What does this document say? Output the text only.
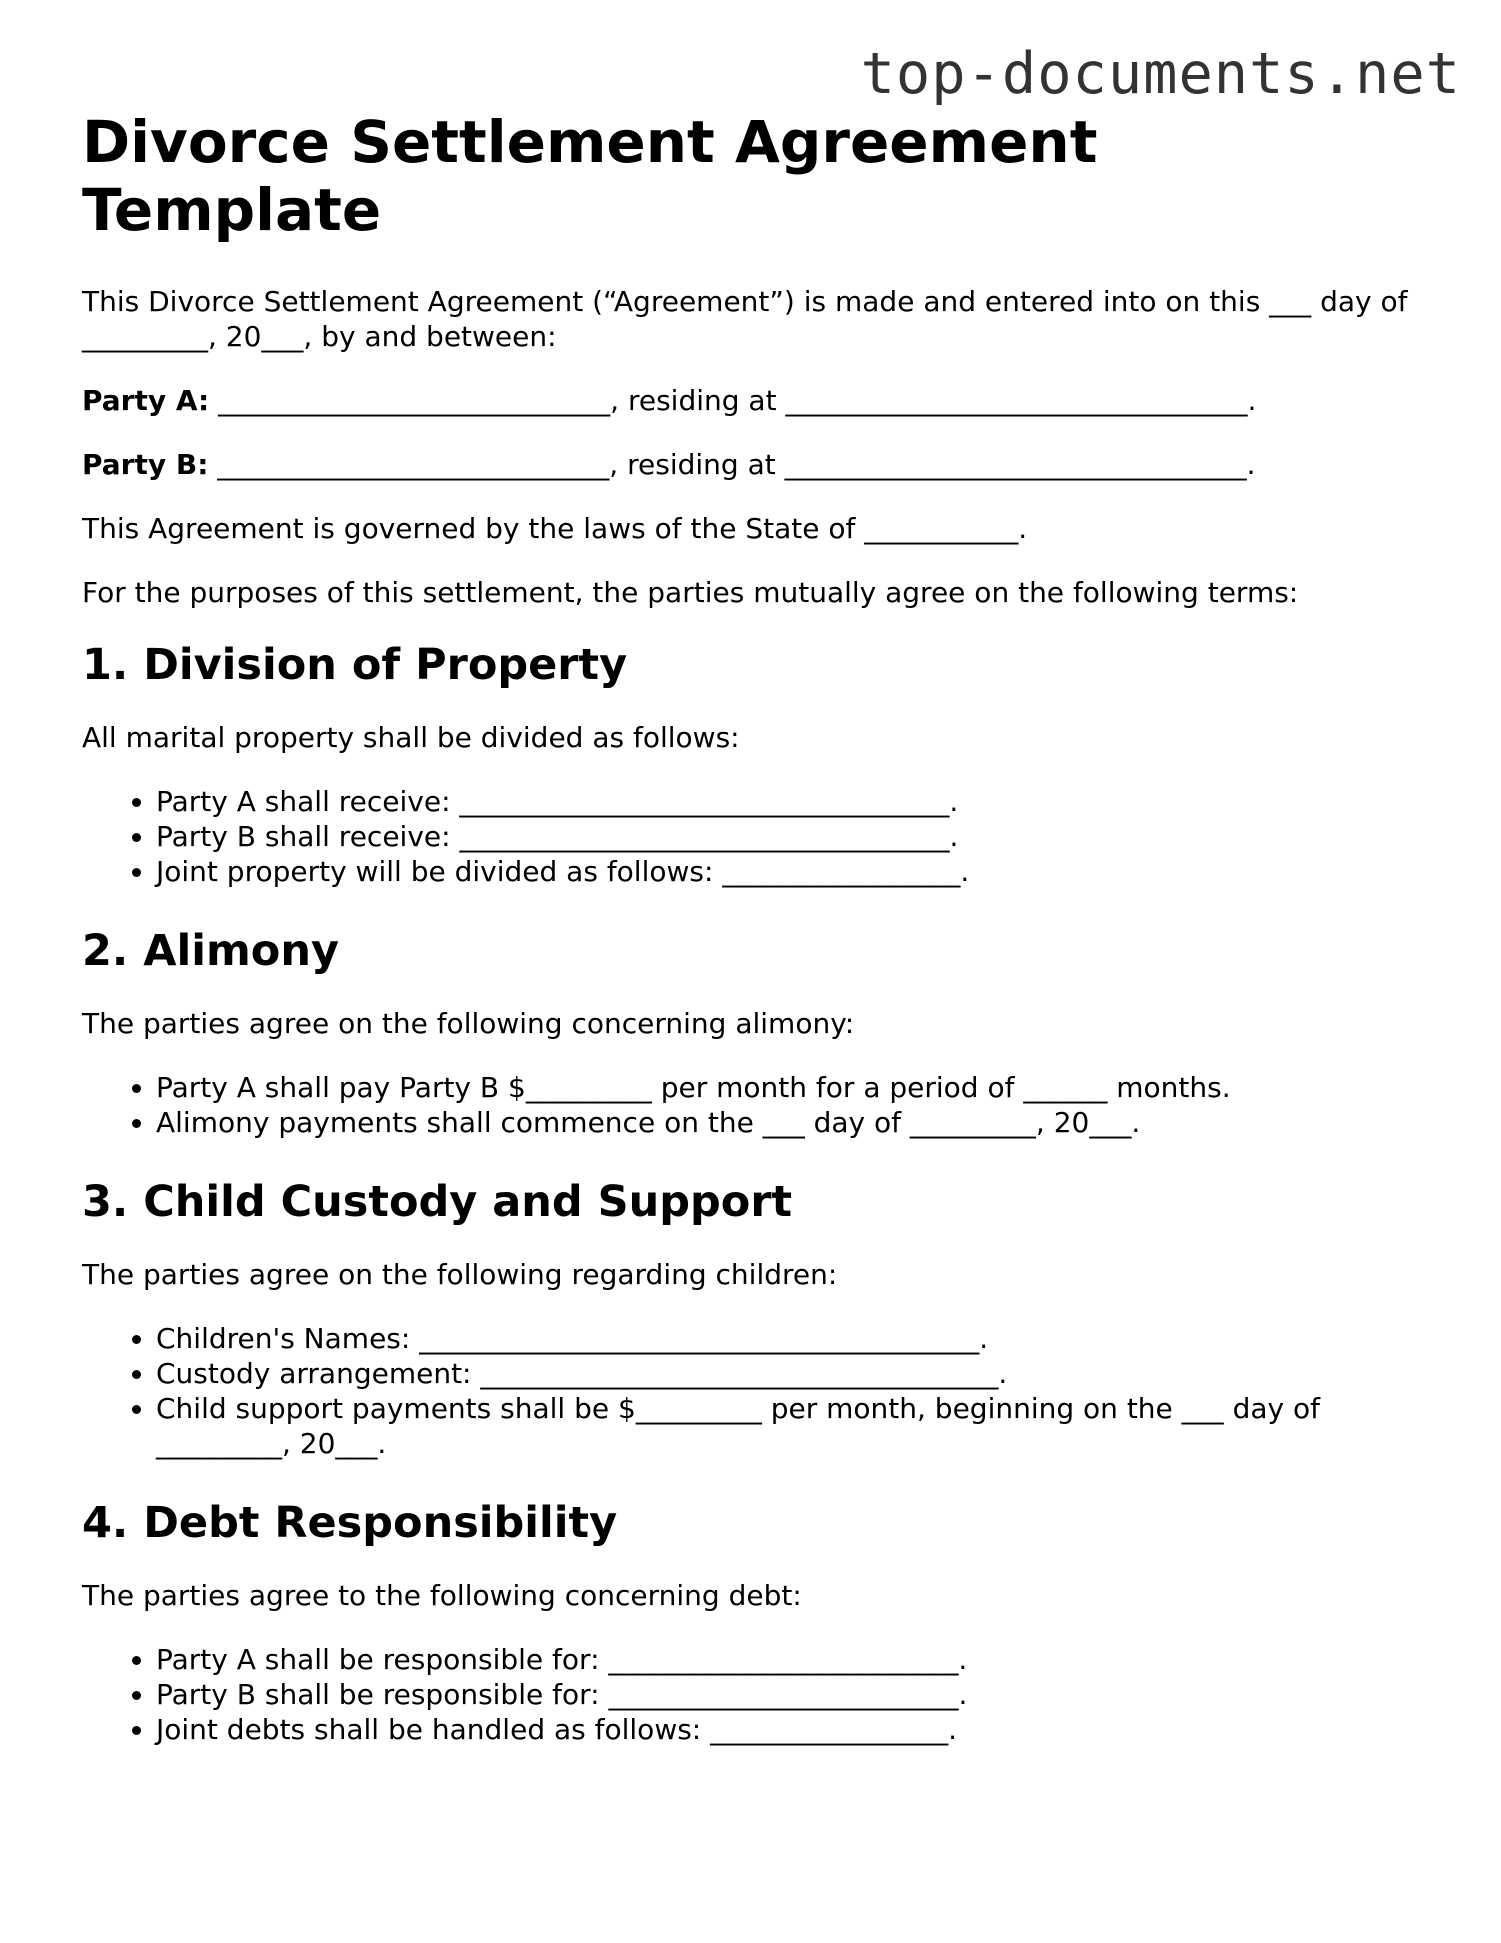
top-documents.net
Divorce Settlement Agreement Template

This Divorce Settlement Agreement (“Agreement”) is made and entered into on this ___ day of _________, 20___, by and between:

Party A: ____________________________, residing at _________________________________.

Party B: ____________________________, residing at _________________________________.

This Agreement is governed by the laws of the State of ___________.

For the purposes of this settlement, the parties mutually agree on the following terms:

1. Division of Property

All marital property shall be divided as follows:

• Party A shall receive: ___________________________________.
• Party B shall receive: ___________________________________.
• Joint property will be divided as follows: _________________.
2. Alimony

The parties agree on the following concerning alimony:

• Party A shall pay Party B $_________ per month for a period of ______ months.
• Alimony payments shall commence on the ___ day of _________, 20___.
3. Child Custody and Support

The parties agree on the following regarding children:

• Children's Names: ________________________________________.
• Custody arrangement: _____________________________________.
• Child support payments shall be $_________ per month, beginning on the ___ day of _________, 20___.
4. Debt Responsibility

The parties agree to the following concerning debt:

• Party A shall be responsible for: _________________________.
• Party B shall be responsible for: _________________________.
• Joint debts shall be handled as follows: _________________.
